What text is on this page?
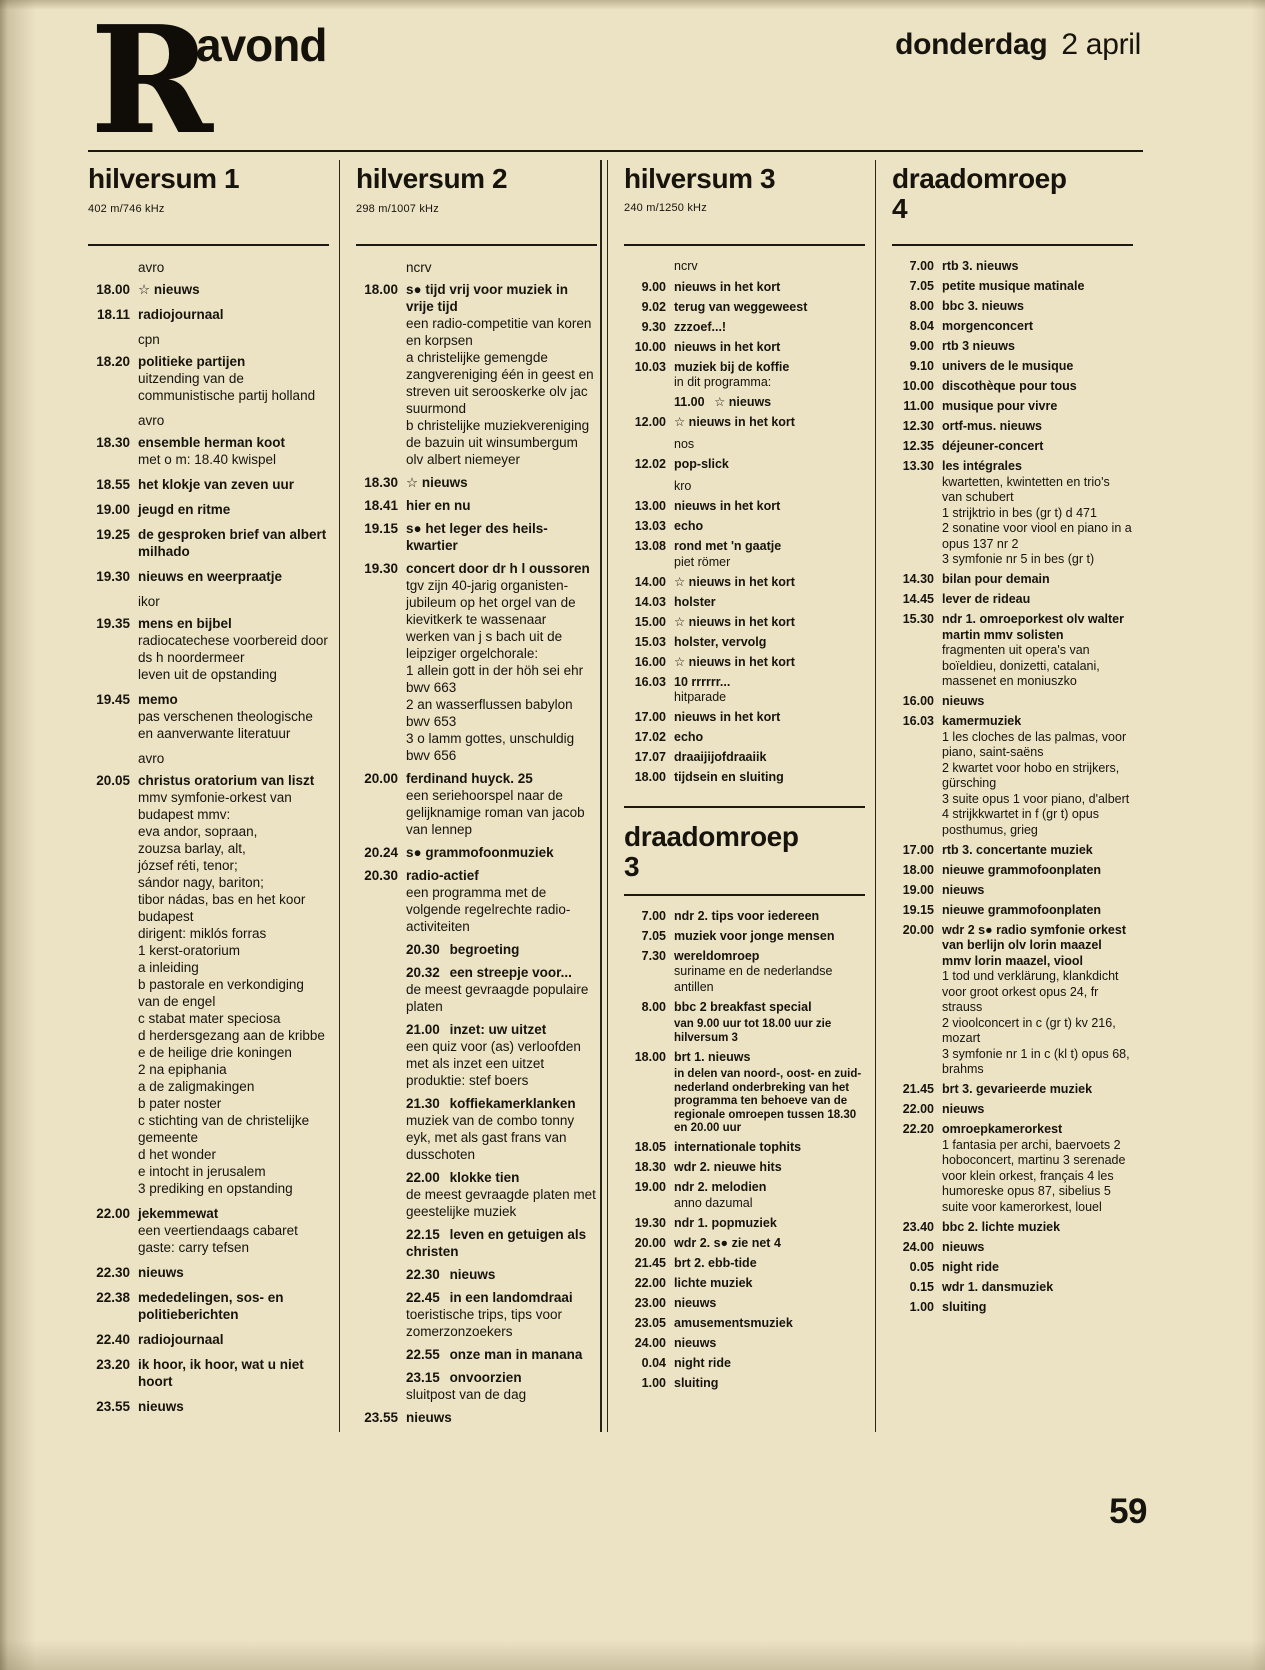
R
avond	donderdag 2 april
hilversum 1
402 m/746 kHz
avro
18.00 ☆ nieuws
18.11 radiojournaal
cpn
18.20 politieke partijen
uitzending van de communistische partij holland
avro
18.30 ensemble herman koot
met o m: 18.40 kwispel
18.55 het klokje van zeven uur
19.00 jeugd en ritme
19.25 de gesproken brief van albert milhado
19.30 nieuws en weerpraatje
ikor
19.35 mens en bijbel
radiocatechese voorbereid door ds h noordermeer
leven uit de opstanding
19.45 memo
pas verschenen theologische en aanverwante literatuur
avro
20.05 christus oratorium van liszt
mmv symfonie-orkest van budapest mmv:
eva andor, sopraan,
zouzsa barlay, alt,
józsef réti, tenor;
sándor nagy, bariton;
tibor nádas, bas en het koor budapest
dirigent: miklós forras
1 kerst-oratorium
a inleiding
b pastorale en verkondiging van de engel
c stabat mater speciosa
d herdersgezang aan de kribbe
e de heilige drie koningen
2 na epiphania
a de zaligmakingen
b pater noster
c stichting van de christelijke gemeente
d het wonder
e intocht in jerusalem
3 prediking en opstanding
22.00 jekemmewat
een veertiendaags cabaret gaste: carry tefsen
22.30 nieuws
22.38 mededelingen, sos- en politieberichten
22.40 radiojournaal
23.20 ik hoor, ik hoor, wat u niet hoort
23.55 nieuws
hilversum 2
298 m/1007 kHz
ncrv
18.00 s● tijd vrij voor muziek in vrije tijd
een radio-competitie van koren en korpsen
a christelijke gemengde zangvereniging één in geest en streven uit serooskerke olv jac suurmond
b christelijke muziekvereniging de bazuin uit winsumbergum olv albert niemeyer
18.30 ☆ nieuws
18.41 hier en nu
19.15 s● het leger des heils-kwartier
19.30 concert door dr h l oussoren
tgv zijn 40-jarig organisten-jubileum op het orgel van de kievitkerk te wassenaar
werken van j s bach uit de leipziger orgelchorale:
1 allein gott in der höh sei ehr bwv 663
2 an wasserflussen babylon bwv 653
3 o lamm gottes, unschuldig bwv 656
20.00 ferdinand huyck. 25
een seriehoorspel naar de gelijknamige roman van jacob van lennep
20.24 s● grammofoonmuziek
20.30 radio-actief
een programma met de volgende regelrechte radio-activiteiten
20.30 begroeting
20.32 een streepje voor...
de meest gevraagde populaire platen
21.00 inzet: uw uitzet
een quiz voor (as) verloofden met als inzet een uitzet produktie: stef boers
21.30 koffiekamerklanken
muziek van de combo tonny eyk, met als gast frans van dusschoten
22.00 klokke tien
de meest gevraagde platen met geestelijke muziek
22.15 leven en getuigen als christen
22.30 nieuws
22.45 in een landomdraai
toeristische trips, tips voor zomerzonzoekers
22.55 onze man in manana
23.15 onvoorzien
sluitpost van de dag
23.55 nieuws
hilversum 3
240 m/1250 kHz
ncrv
9.00 nieuws in het kort
9.02 terug van weggeweest
9.30 zzzoef...!
10.00 nieuws in het kort
10.03 muziek bij de koffie
in dit programma:
11.00 ☆ nieuws
12.00 ☆ nieuws in het kort
nos
12.02 pop-slick
kro
13.00 nieuws in het kort
13.03 echo
13.08 rond met 'n gaatje
piet römer
14.00 ☆ nieuws in het kort
14.03 holster
15.00 ☆ nieuws in het kort
15.03 holster, vervolg
16.00 ☆ nieuws in het kort
16.03 10 rrrrrr...
hitparade
17.00 nieuws in het kort
17.02 echo
17.07 draaijijofdraaiik
18.00 tijdsein en sluiting
draadomroep
3
7.00 ndr 2. tips voor iedereen
7.05 muziek voor jonge mensen
7.30 wereldomroep
suriname en de nederlandse antillen
8.00 bbc 2 breakfast special
van 9.00 uur tot 18.00 uur zie hilversum 3
18.00 brt 1. nieuws
in delen van noord-, oost- en zuid-nederland onderbreking van het programma ten behoeve van de regionale omroepen tussen 18.30 en 20.00 uur
18.05 internationale tophits
18.30 wdr 2. nieuwe hits
19.00 ndr 2. melodien
anno dazumal
19.30 ndr 1. popmuziek
20.00 wdr 2. s● zie net 4
21.45 brt 2. ebb-tide
22.00 lichte muziek
23.00 nieuws
23.05 amusementsmuziek
24.00 nieuws
0.04 night ride
1.00 sluiting
draadomroep
4
7.00 rtb 3. nieuws
7.05 petite musique matinale
8.00 bbc 3. nieuws
8.04 morgenconcert
9.00 rtb 3 nieuws
9.10 univers de le musique
10.00 discothèque pour tous
11.00 musique pour vivre
12.30 ortf-mus. nieuws
12.35 déjeuner-concert
13.30 les intégrales
kwartetten, kwintetten en trio's van schubert
1 strijktrio in bes (gr t) d 471
2 sonatine voor viool en piano in a opus 137 nr 2
3 symfonie nr 5 in bes (gr t)
14.30 bilan pour demain
14.45 lever de rideau
15.30 ndr 1. omroeporkest olv walter martin mmv solisten
fragmenten uit opera's van boïeldieu, donizetti, catalani, massenet en moniuszko
16.00 nieuws
16.03 kamermuziek
1 les cloches de las palmas, voor piano, saint-saëns
2 kwartet voor hobo en strijkers, gürsching
3 suite opus 1 voor piano, d'albert
4 strijkkwartet in f (gr t) opus posthumus, grieg
17.00 rtb 3. concertante muziek
18.00 nieuwe grammofoonplaten
19.00 nieuws
19.15 nieuwe grammofoonplaten
20.00 wdr 2 s● radio symfonie orkest van berlijn olv lorin maazel mmv lorin maazel, viool
1 tod und verklärung, klankdicht voor groot orkest opus 24, fr strauss
2 vioolconcert in c (gr t) kv 216, mozart
3 symfonie nr 1 in c (kl t) opus 68, brahms
21.45 brt 3. gevarieerde muziek
22.00 nieuws
22.20 omroepkamerorkest
1 fantasia per archi, baervoets 2 hoboconcert, martinu 3 serenade voor klein orkest, français 4 les humoreske opus 87, sibelius 5 suite voor kamerorkest, louel
23.40 bbc 2. lichte muziek
24.00 nieuws
0.05 night ride
0.15 wdr 1. dansmuziek
1.00 sluiting
59
